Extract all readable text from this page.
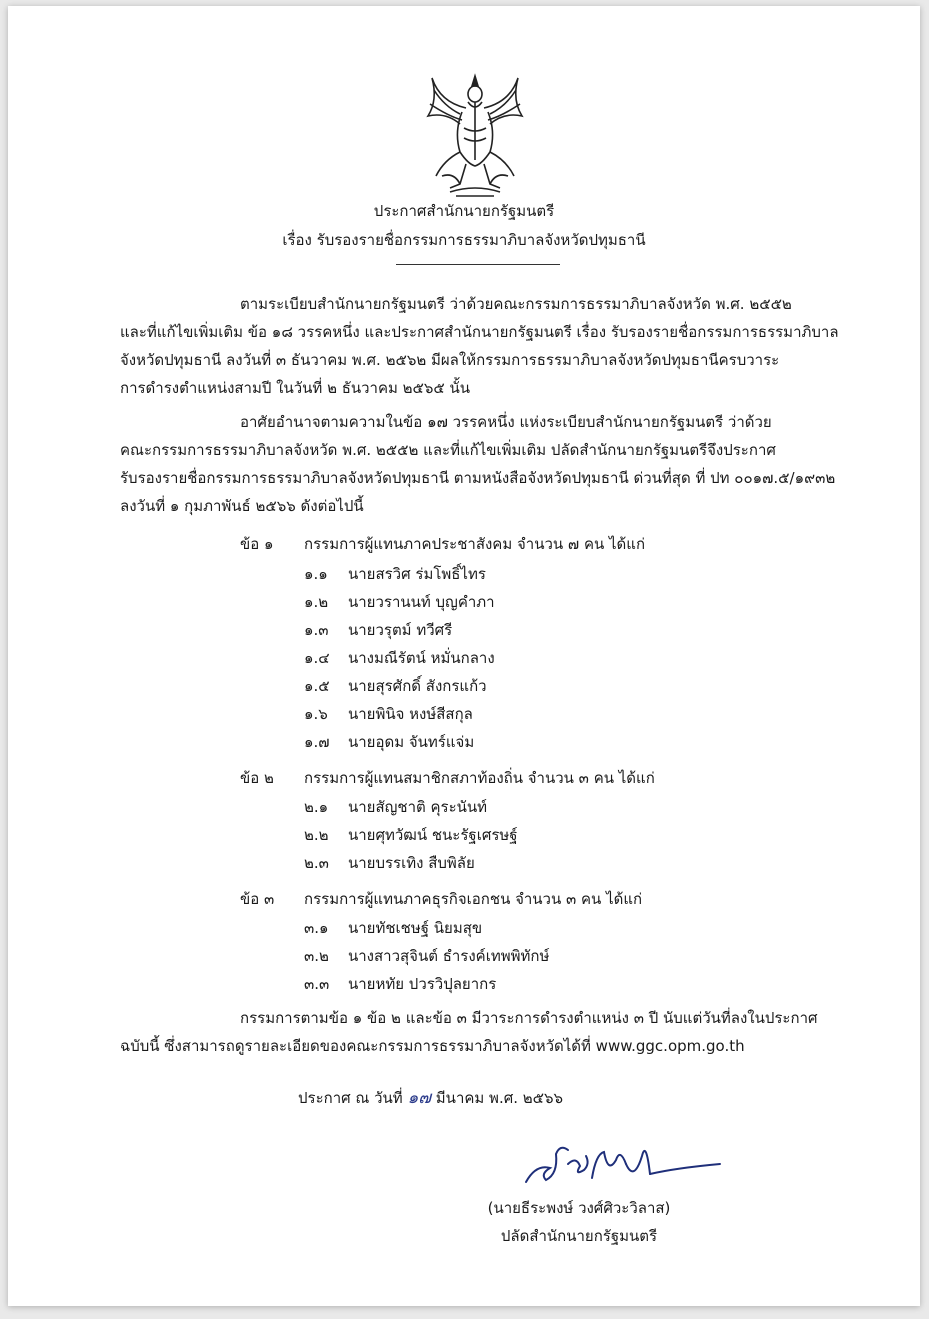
ประกาศสำนักนายกรัฐมนตรี
เรื่อง รับรองรายชื่อกรรมการธรรมาภิบาลจังหวัดปทุมธานี
ตามระเบียบสำนักนายกรัฐมนตรี ว่าด้วยคณะกรรมการธรรมาภิบาลจังหวัด พ.ศ. ๒๕๕๒
และที่แก้ไขเพิ่มเติม ข้อ ๑๘ วรรคหนึ่ง และประกาศสำนักนายกรัฐมนตรี เรื่อง รับรองรายชื่อกรรมการธรรมาภิบาล
จังหวัดปทุมธานี ลงวันที่ ๓ ธันวาคม พ.ศ. ๒๕๖๒ มีผลให้กรรมการธรรมาภิบาลจังหวัดปทุมธานีครบวาระ
การดำรงตำแหน่งสามปี ในวันที่ ๒ ธันวาคม ๒๕๖๕ นั้น
อาศัยอำนาจตามความในข้อ ๑๗ วรรคหนึ่ง แห่งระเบียบสำนักนายกรัฐมนตรี ว่าด้วย
คณะกรรมการธรรมาภิบาลจังหวัด พ.ศ. ๒๕๕๒ และที่แก้ไขเพิ่มเติม ปลัดสำนักนายกรัฐมนตรีจึงประกาศ
รับรองรายชื่อกรรมการธรรมาภิบาลจังหวัดปทุมธานี ตามหนังสือจังหวัดปทุมธานี ด่วนที่สุด ที่ ปท ๐๐๑๗.๕/๑๙๓๒
ลงวันที่ ๑ กุมภาพันธ์ ๒๕๖๖ ดังต่อไปนี้
ข้อ ๑ กรรมการผู้แทนภาคประชาสังคม จำนวน ๗ คน ได้แก่
๑.๑ นายสรวิศ ร่มโพธิ์ไทร
๑.๒ นายวรานนท์ บุญคำภา
๑.๓ นายวรุตม์ ทวีศรี
๑.๔ นางมณีรัตน์ หมั่นกลาง
๑.๕ นายสุรศักดิ์ สังกรแก้ว
๑.๖ นายพินิจ หงษ์สีสกุล
๑.๗ นายอุดม จันทร์แจ่ม
ข้อ ๒ กรรมการผู้แทนสมาชิกสภาท้องถิ่น จำนวน ๓ คน ได้แก่
๒.๑ นายสัญชาติ คุระนันท์
๒.๒ นายศุทวัฒน์ ชนะรัฐเศรษฐ์
๒.๓ นายบรรเทิง สืบพิลัย
ข้อ ๓ กรรมการผู้แทนภาคธุรกิจเอกชน จำนวน ๓ คน ได้แก่
๓.๑ นายทัชเชษฐ์ นิยมสุข
๓.๒ นางสาวสุจินต์ ธำรงค์เทพพิทักษ์
๓.๓ นายหทัย ปวรวิปุลยากร
กรรมการตามข้อ ๑ ข้อ ๒ และข้อ ๓ มีวาระการดำรงตำแหน่ง ๓ ปี นับแต่วันที่ลงในประกาศ
ฉบับนี้ ซึ่งสามารถดูรายละเอียดของคณะกรรมการธรรมาภิบาลจังหวัดได้ที่ www.ggc.opm.go.th
ประกาศ ณ วันที่ ๑๗ มีนาคม พ.ศ. ๒๕๖๖
(นายธีระพงษ์ วงศ์ศิวะวิลาส)
ปลัดสำนักนายกรัฐมนตรี
